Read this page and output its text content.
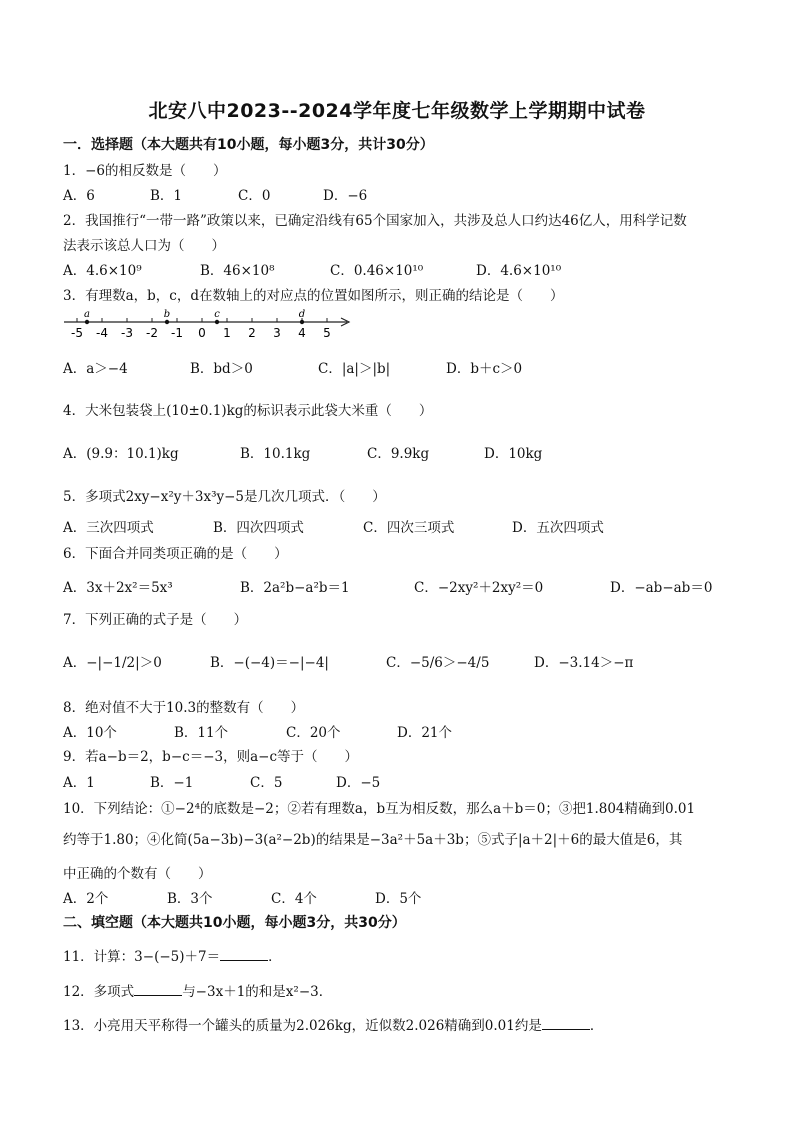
北安八中2023--2024学年度七年级数学上学期期中试卷
一．选择题（本大题共有10小题，每小题3分，共计30分）
1．−6的相反数是（　　）
A．6	B．1	C．0	D．−6
2．我国推行“一带一路”政策以来，已确定沿线有65个国家加入，共涉及总人口约达46亿人，用科学记数
法表示该总人口为（　　）
A．4.6×10⁹	B．46×10⁸	C．0.46×10¹⁰	D．4.6×10¹⁰
3．有理数a，b，c，d在数轴上的对应点的位置如图所示，则正确的结论是（　　）
-5 -4 -3 -2 -1 0 1 2 3 4 5
a	b	c	d
A．a＞−4	B．bd＞0	C．|a|＞|b|	D．b＋c＞0
4．大米包装袋上(10±0.1)kg的标识表示此袋大米重（　　）
A．(9.9：10.1)kg	B．10.1kg	C．9.9kg	D．10kg
5．多项式2xy−x²y＋3x³y−5是几次几项式．（　　）
A．三次四项式	B．四次四项式	C．四次三项式	D．五次四项式
6．下面合并同类项正确的是（　　）
A．3x＋2x²＝5x³	B．2a²b−a²b＝1	C．−2xy²＋2xy²＝0	D．−ab−ab＝0
7．下列正确的式子是（　　）
A．−|−1/2|＞0	B．−(−4)＝−|−4|	C．−5/6＞−4/5	D．−3.14＞−π
8．绝对值不大于10.3的整数有（　　）
A．10个	B．11个	C．20个	D．21个
9．若a−b＝2，b−c＝−3，则a−c等于（　　）
A．1	B．−1	C．5	D．−5
10．下列结论：①−2⁴的底数是−2；②若有理数a，b互为相反数，那么a＋b＝0；③把1.804精确到0.01
约等于1.80；④化简(5a−3b)−3(a²−2b)的结果是−3a²＋5a＋3b；⑤式子|a＋2|＋6的最大值是6，其
中正确的个数有（　　）
A．2个	B．3个	C．4个	D．5个
二、填空题（本大题共10小题，每小题3分，共30分）
11．计算：3−(−5)＋7＝	．
12．多项式	与−3x＋1的和是x²−3．
13．小亮用天平称得一个罐头的质量为2.026kg，近似数2.026精确到0.01约是	．
